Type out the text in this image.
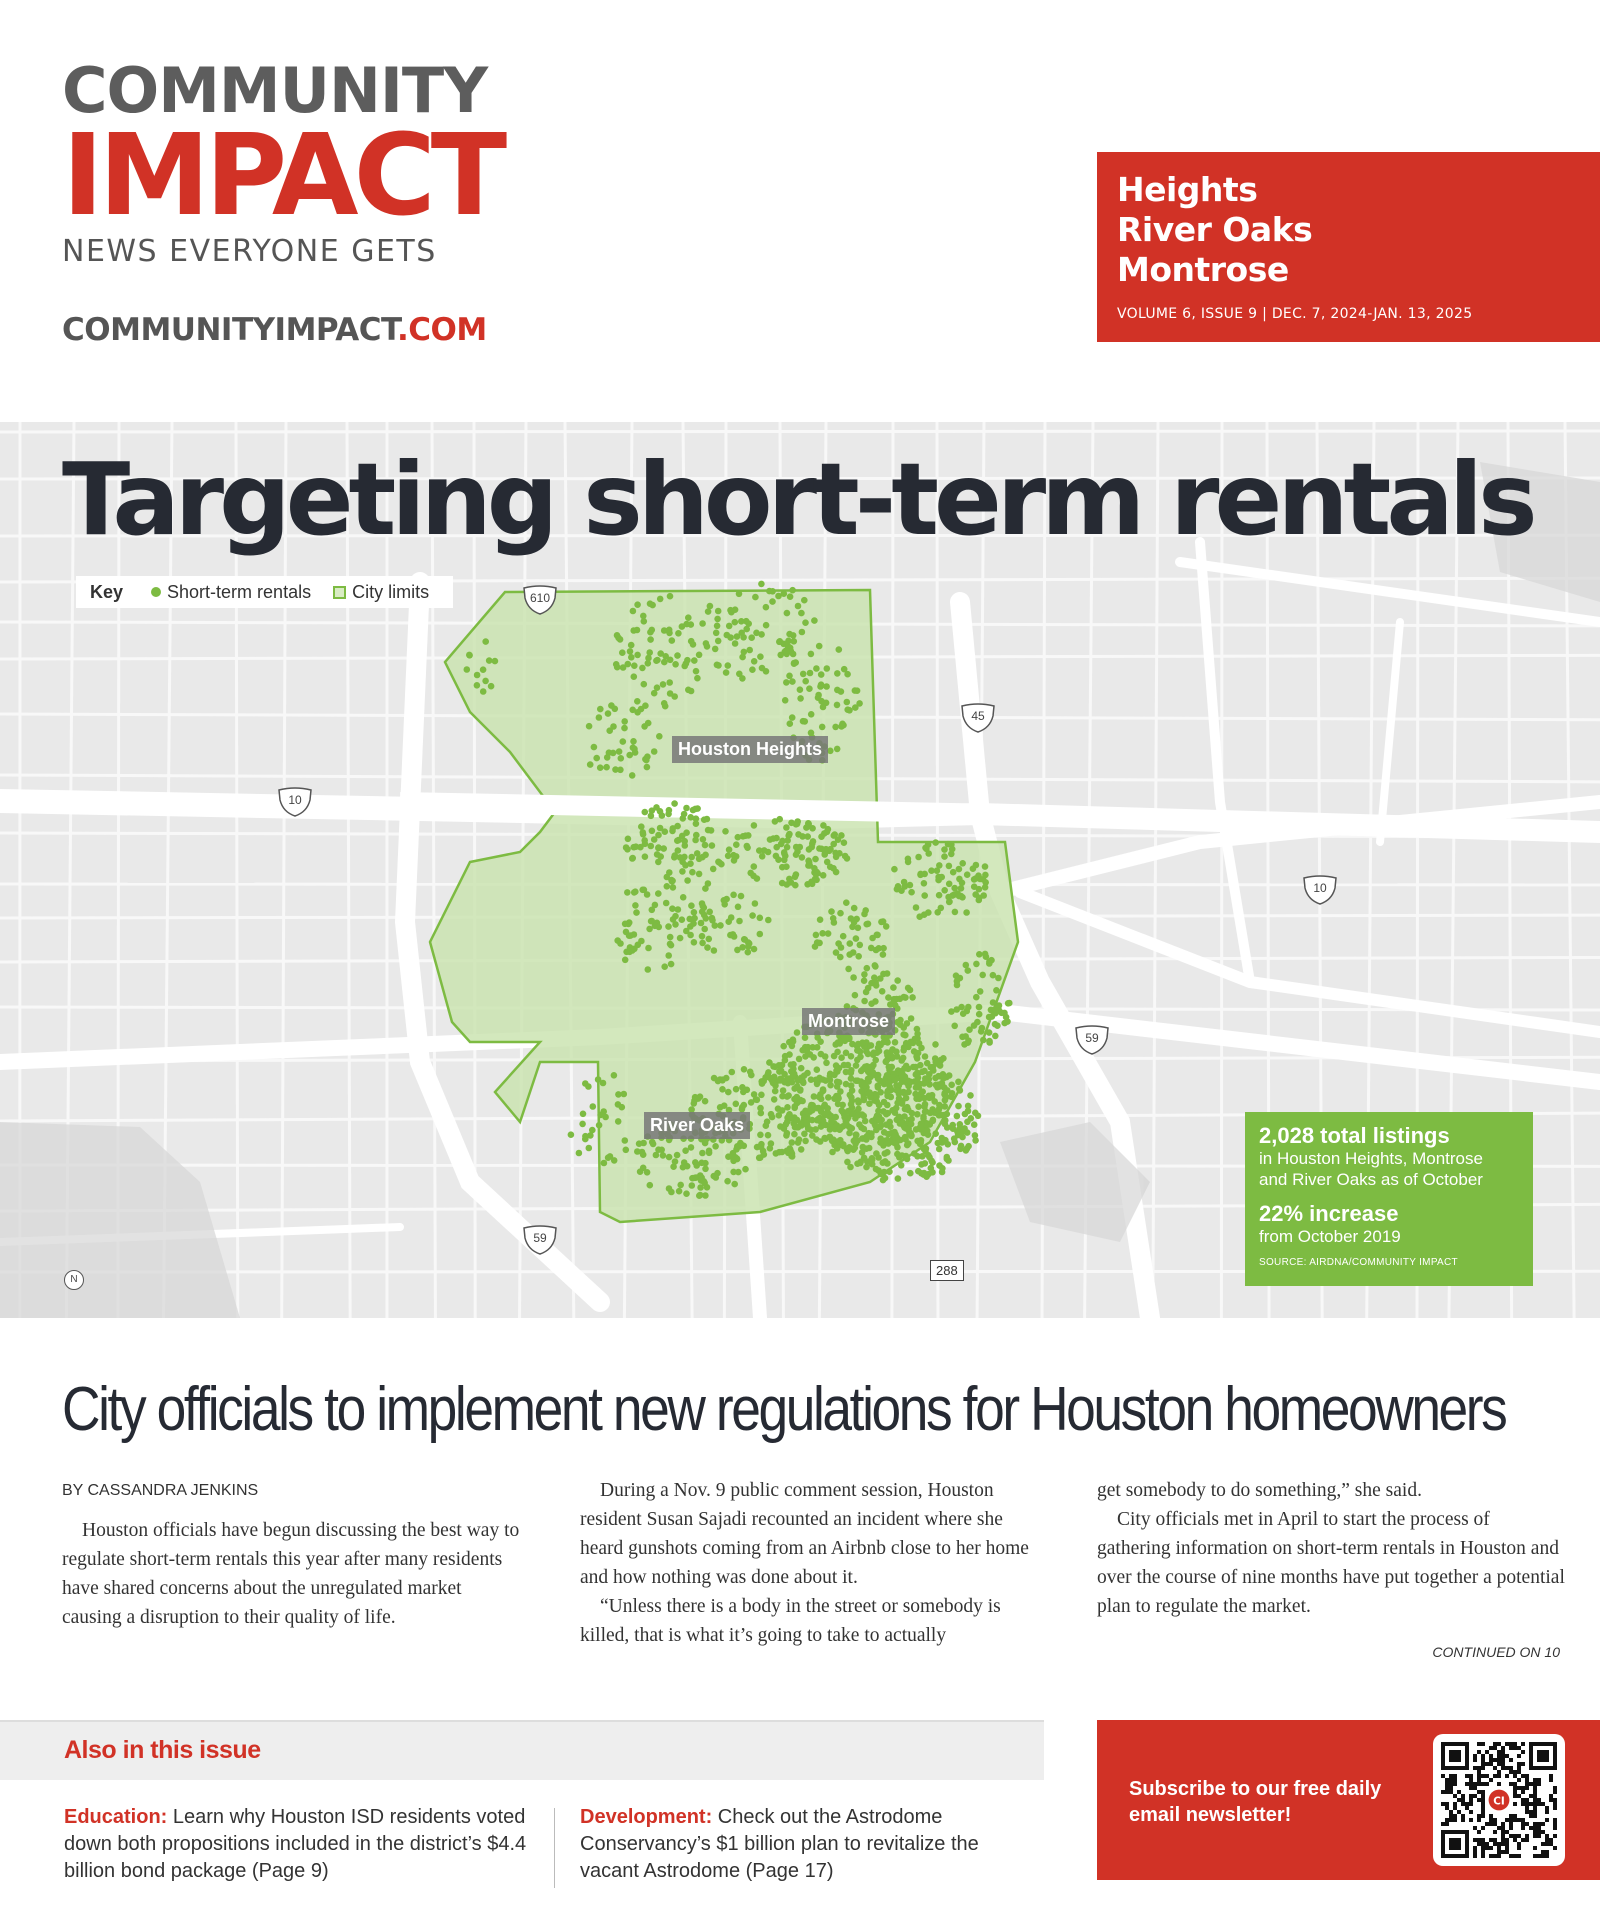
COMMUNITY
IMPACT
NEWS EVERYONE GETS
COMMUNITYIMPACT.COM
Heights
River Oaks
Montrose
VOLUME 6, ISSUE 9 | DEC. 7, 2024-JAN. 13, 2025
Targeting short-term rentals
Key Short-term rentals City limits
Houston Heights
Montrose
River Oaks
610
45
10
10
59
59
288
N
2,028 total listings
in Houston Heights, Montrose
and River Oaks as of October
22% increase
from October 2019
SOURCE: AIRDNA/COMMUNITY IMPACT
City officials to implement new regulations for Houston homeowners
BY CASSANDRA JENKINS

Houston officials have begun discussing the best way to regulate short-term rentals this year after many residents have shared concerns about the unregulated market causing a disruption to their quality of life.

During a Nov. 9 public comment session, Houston resident Susan Sajadi recounted an incident where she heard gunshots coming from an Airbnb close to her home and how nothing was done about it.

“Unless there is a body in the street or somebody is killed, that is what it’s going to take to actually

get somebody to do something,” she said.

City officials met in April to start the process of gathering information on short-term rentals in Houston and over the course of nine months have put together a potential plan to regulate the market.

CONTINUED ON 10
Also in this issue
Education: Learn why Houston ISD residents voted down both propositions included in the district’s $4.4 billion bond package (Page 9)
Development: Check out the Astrodome Conservancy’s $1 billion plan to revitalize the vacant Astrodome (Page 17)
Subscribe to our free daily email newsletter!
CI
